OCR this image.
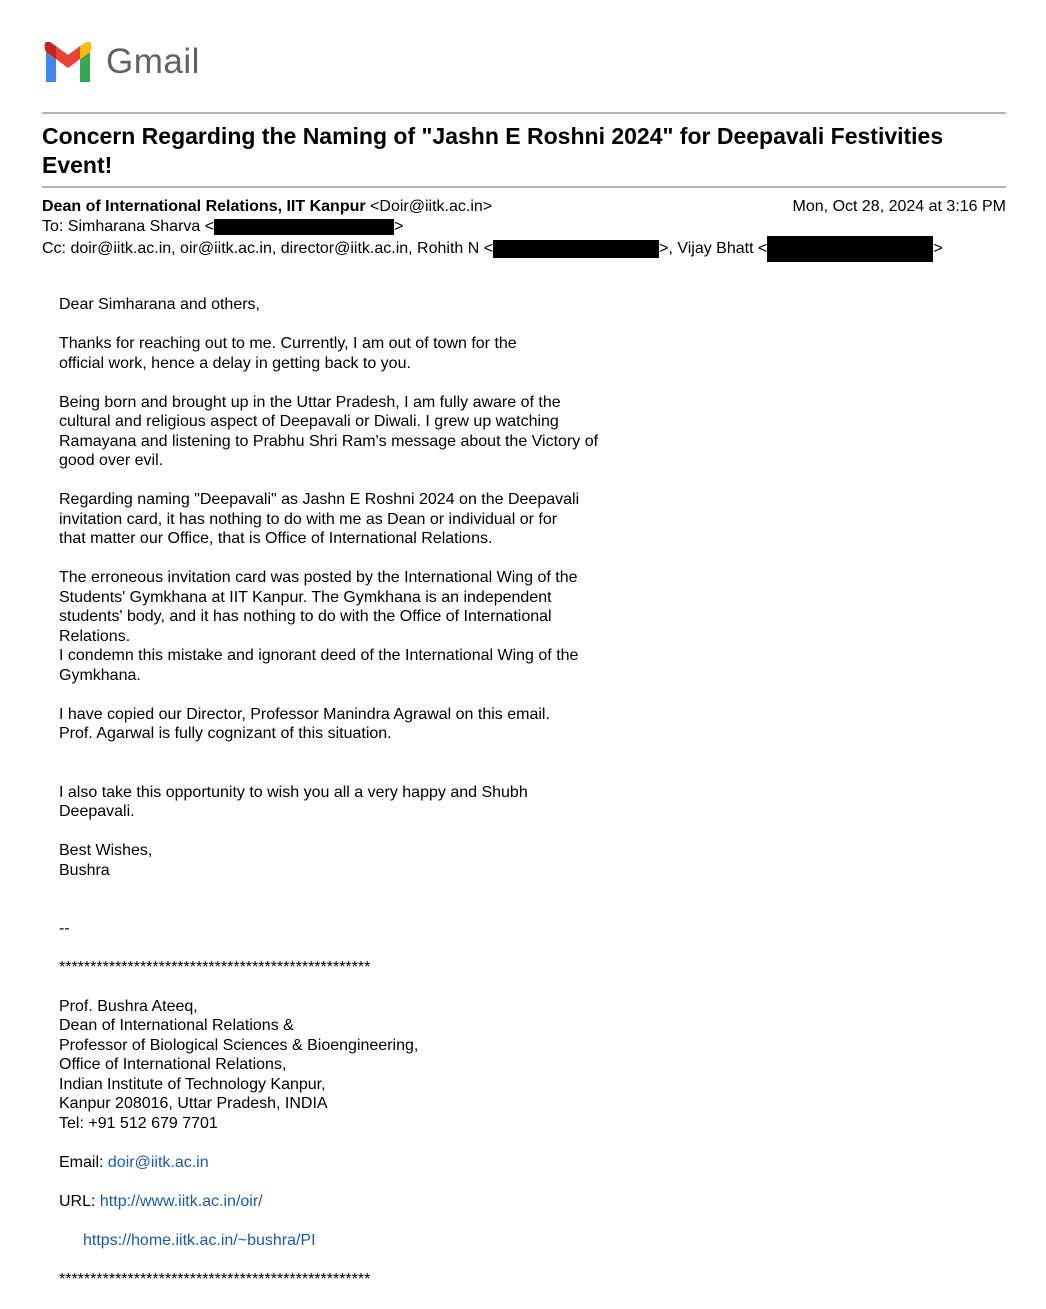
Gmail
Concern Regarding the Naming of "Jashn E Roshni 2024" for Deepavali Festivities Event!
Dean of International Relations, IIT Kanpur <Doir@iitk.ac.in>	Mon, Oct 28, 2024 at 3:16 PM
To: Simharana Sharva <	>
Cc: doir@iitk.ac.in, oir@iitk.ac.in, director@iitk.ac.in, Rohith N <	>, Vijay Bhatt <	>

Dear Simharana and others,

Thanks for reaching out to me. Currently, I am out of town for the
official work, hence a delay in getting back to you.

Being born and brought up in the Uttar Pradesh, I am fully aware of the
cultural and religious aspect of Deepavali or Diwali. I grew up watching
Ramayana and listening to Prabhu Shri Ram's message about the Victory of
good over evil.

Regarding naming "Deepavali" as Jashn E Roshni 2024 on the Deepavali
invitation card, it has nothing to do with me as Dean or individual or for
that matter our Office, that is Office of International Relations.

The erroneous invitation card was posted by the International Wing of the
Students' Gymkhana at IIT Kanpur. The Gymkhana is an independent
students' body, and it has nothing to do with the Office of International
Relations.
I condemn this mistake and ignorant deed of the International Wing of the
Gymkhana.

I have copied our Director, Professor Manindra Agrawal on this email.
Prof. Agarwal is fully cognizant of this situation.

I also take this opportunity to wish you all a very happy and Shubh
Deepavali.

Best Wishes,
Bushra

--

**************************************************

Prof. Bushra Ateeq,
Dean of International Relations &
Professor of Biological Sciences & Bioengineering,
Office of International Relations,
Indian Institute of Technology Kanpur,
Kanpur 208016, Uttar Pradesh, INDIA
Tel: +91 512 679 7701

Email: doir@iitk.ac.in

URL: http://www.iitk.ac.in/oir/

https://home.iitk.ac.in/~bushra/PI

**************************************************
